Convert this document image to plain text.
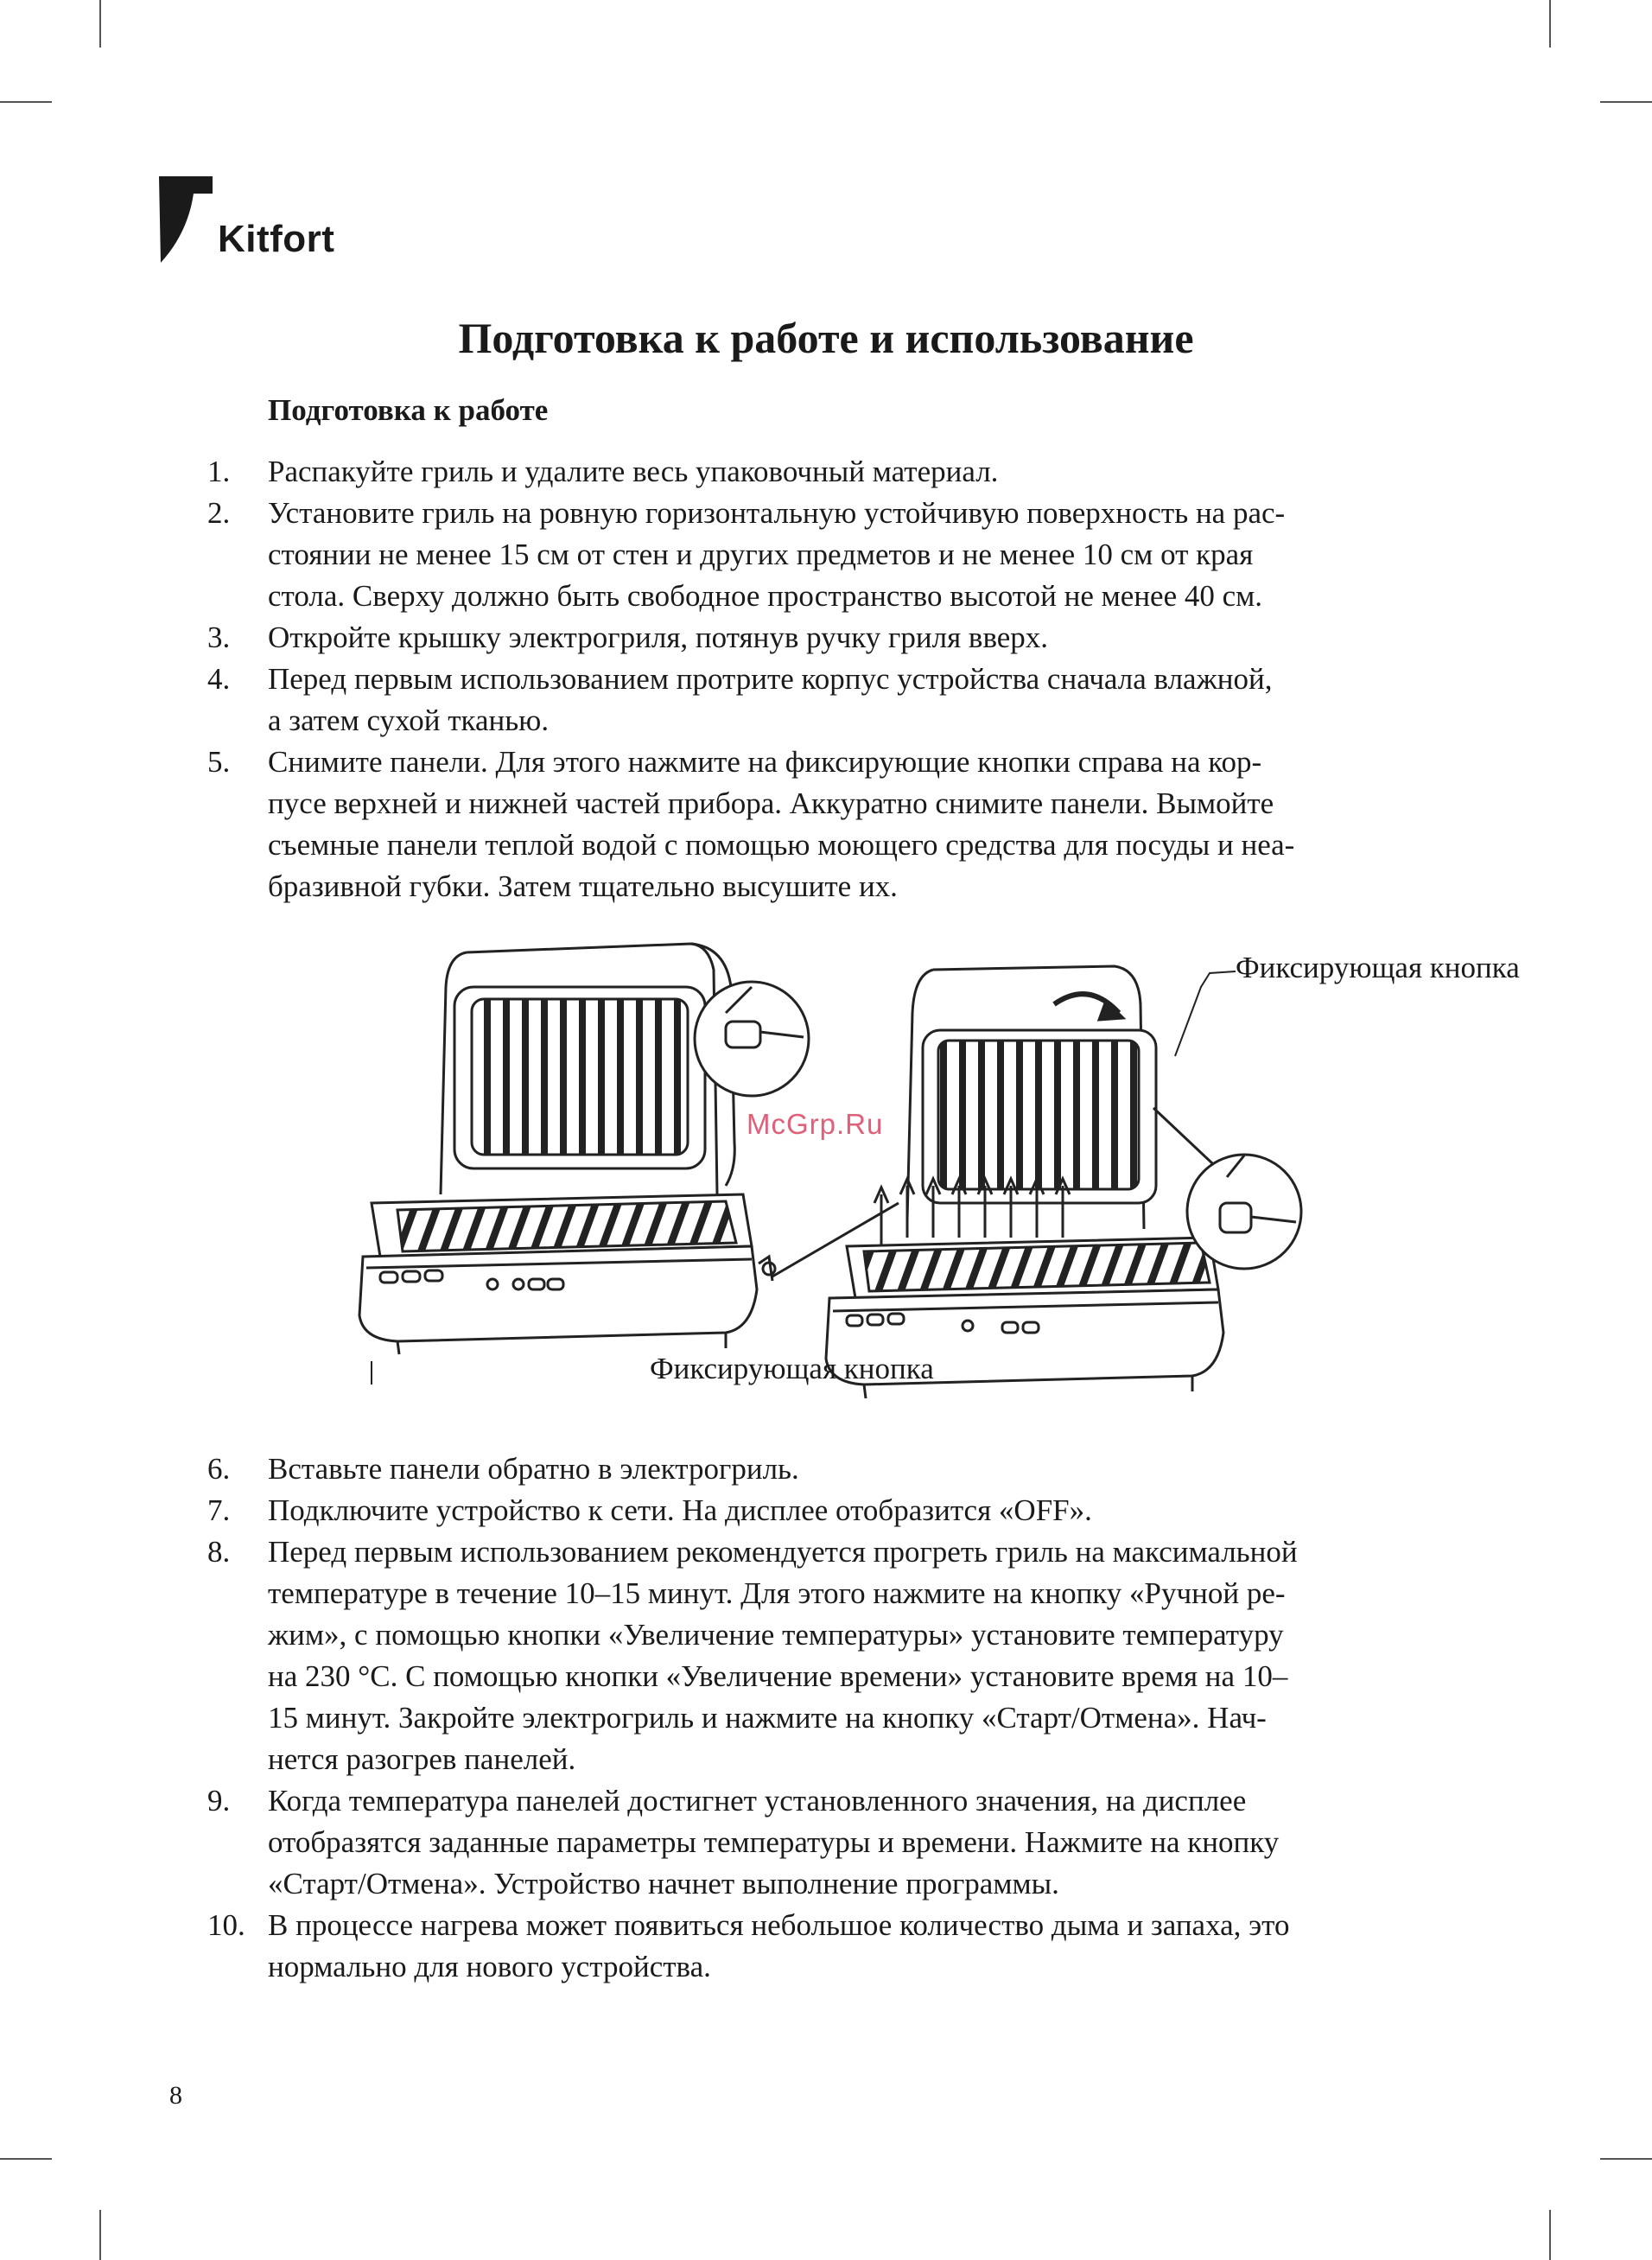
Kitfort
Подготовка к работе и использование
Подготовка к работе
1.	Распакуйте гриль и удалите весь упаковочный материал.
2.	Установите гриль на ровную горизонтальную устойчивую поверхность на рас-
стоянии не менее 15 см от стен и других предметов и не менее 10 см от края
стола. Сверху должно быть свободное пространство высотой не менее 40 см.
3.	Откройте крышку электрогриля, потянув ручку гриля вверх.
4.	Перед первым использованием протрите корпус устройства сначала влажной,
а затем сухой тканью.
5.	Снимите панели. Для этого нажмите на фиксирующие кнопки справа на кор-
пусе верхней и нижней частей прибора. Аккуратно снимите панели. Вымойте
съемные панели теплой водой с помощью моющего средства для посуды и неа-
бразивной губки. Затем тщательно высушите их.
Фиксирующая кнопка
Фиксирующая кнопка
McGrp.Ru
6.	Вставьте панели обратно в электрогриль.
7.	Подключите устройство к сети. На дисплее отобразится «OFF».
8.	Перед первым использованием рекомендуется прогреть гриль на максимальной
температуре в течение 10–15 минут. Для этого нажмите на кнопку «Ручной ре-
жим», с помощью кнопки «Увеличение температуры» установите температуру
на 230 °С. С помощью кнопки «Увеличение времени» установите время на 10–
15 минут. Закройте электрогриль и нажмите на кнопку «Старт/Отмена». Нач-
нется разогрев панелей.
9.	Когда температура панелей достигнет установленного значения, на дисплее
отобразятся заданные параметры температуры и времени. Нажмите на кнопку
«Старт/Отмена». Устройство начнет выполнение программы.
10. В процессе нагрева может появиться небольшое количество дыма и запаха, это
нормально для нового устройства.
8
